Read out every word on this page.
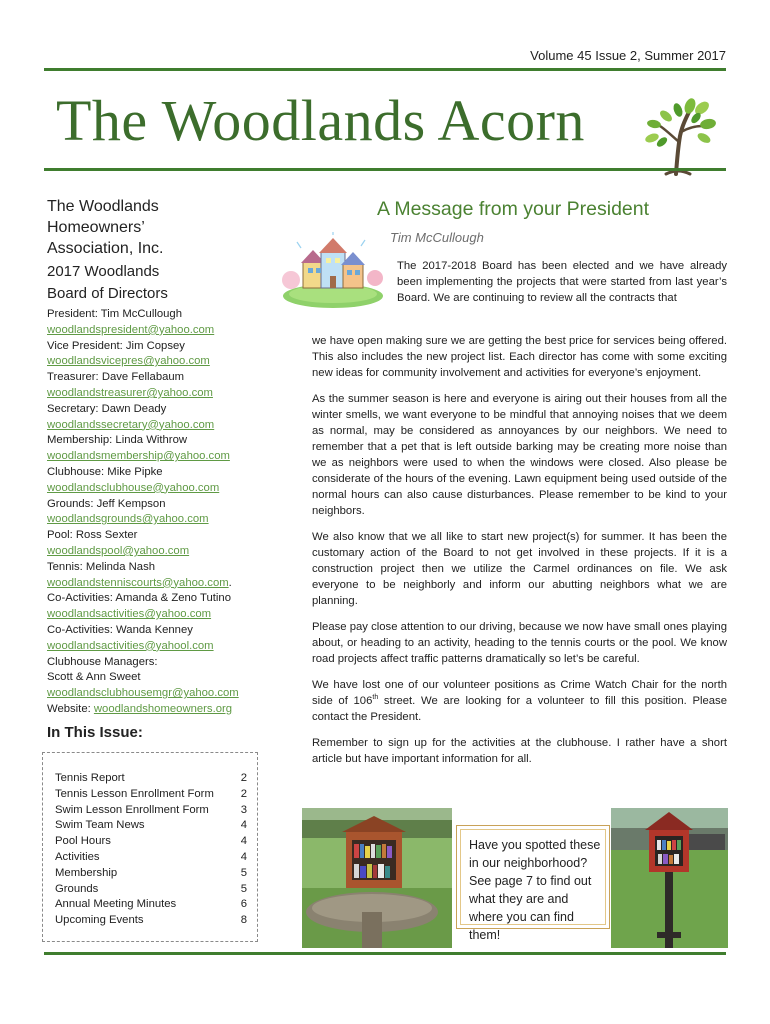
Volume 45 Issue 2, Summer 2017
The Woodlands Acorn
The Woodlands
Homeowners’
Association, Inc.
2017 Woodlands
Board of Directors
President: Tim McCullough
woodlandspresident@yahoo.com
Vice President: Jim Copsey
woodlandsvicepres@yahoo.com
Treasurer: Dave Fellabaum
woodlandstreasurer@yahoo.com
Secretary: Dawn Deady
woodlandssecretary@yahoo.com
Membership: Linda Withrow
woodlandsmembership@yahoo.com
Clubhouse: Mike Pipke
woodlandsclubhouse@yahoo.com
Grounds: Jeff Kempson
woodlandsgrounds@yahoo.com
Pool: Ross Sexter
woodlandspool@yahoo.com
Tennis: Melinda Nash
woodlandstenniscourts@yahoo.com.
Co-Activities: Amanda & Zeno Tutino
woodlandsactivities@yahoo.com
Co-Activities: Wanda Kenney
woodlandsactivities@yahool.com
Clubhouse Managers:
Scott & Ann Sweet
woodlandsclubhousemgr@yahoo.com
Website: woodlandshomeowners.org
In This Issue:
Tennis Report	2
Tennis Lesson Enrollment Form	2
Swim Lesson Enrollment Form	3
Swim Team News	4
Pool Hours	4
Activities	4
Membership	5
Grounds	5
Annual Meeting Minutes	6
Upcoming Events	8
A Message from your President
Tim McCullough
The 2017-2018 Board has been elected and we have already been implementing the projects that were started from last year’s Board. We are continuing to review all the contracts that

we have open making sure we are getting the best price for services being offered. This also includes the new project list. Each director has come with some exciting new ideas for community involvement and activities for everyone’s enjoyment.

As the summer season is here and everyone is airing out their houses from all the winter smells, we want everyone to be mindful that annoying noises that we deem as normal, may be considered as annoyances by our neighbors. We need to remember that a pet that is left outside barking may be creating more noise than we as neighbors were used to when the windows were closed. Also please be considerate of the hours of the evening. Lawn equipment being used outside of the normal hours can also cause disturbances. Please remember to be kind to your neighbors.

We also know that we all like to start new project(s) for summer. It has been the customary action of the Board to not get involved in these projects. If it is a construction project then we utilize the Carmel ordinances on file. We ask everyone to be neighborly and inform our abutting neighbors what we are planning.

Please pay close attention to our driving, because we now have small ones playing about, or heading to an activity, heading to the tennis courts or the pool. We know road projects affect traffic patterns dramatically so let’s be careful.

We have lost one of our volunteer positions as Crime Watch Chair for the north side of 106th street. We are looking for a volunteer to fill this position. Please contact the President.

Remember to sign up for the activities at the clubhouse. I rather have a short article but have important information for all.

Have you spotted these in our neighborhood? See page 7 to find out what they are and where you can find them!
